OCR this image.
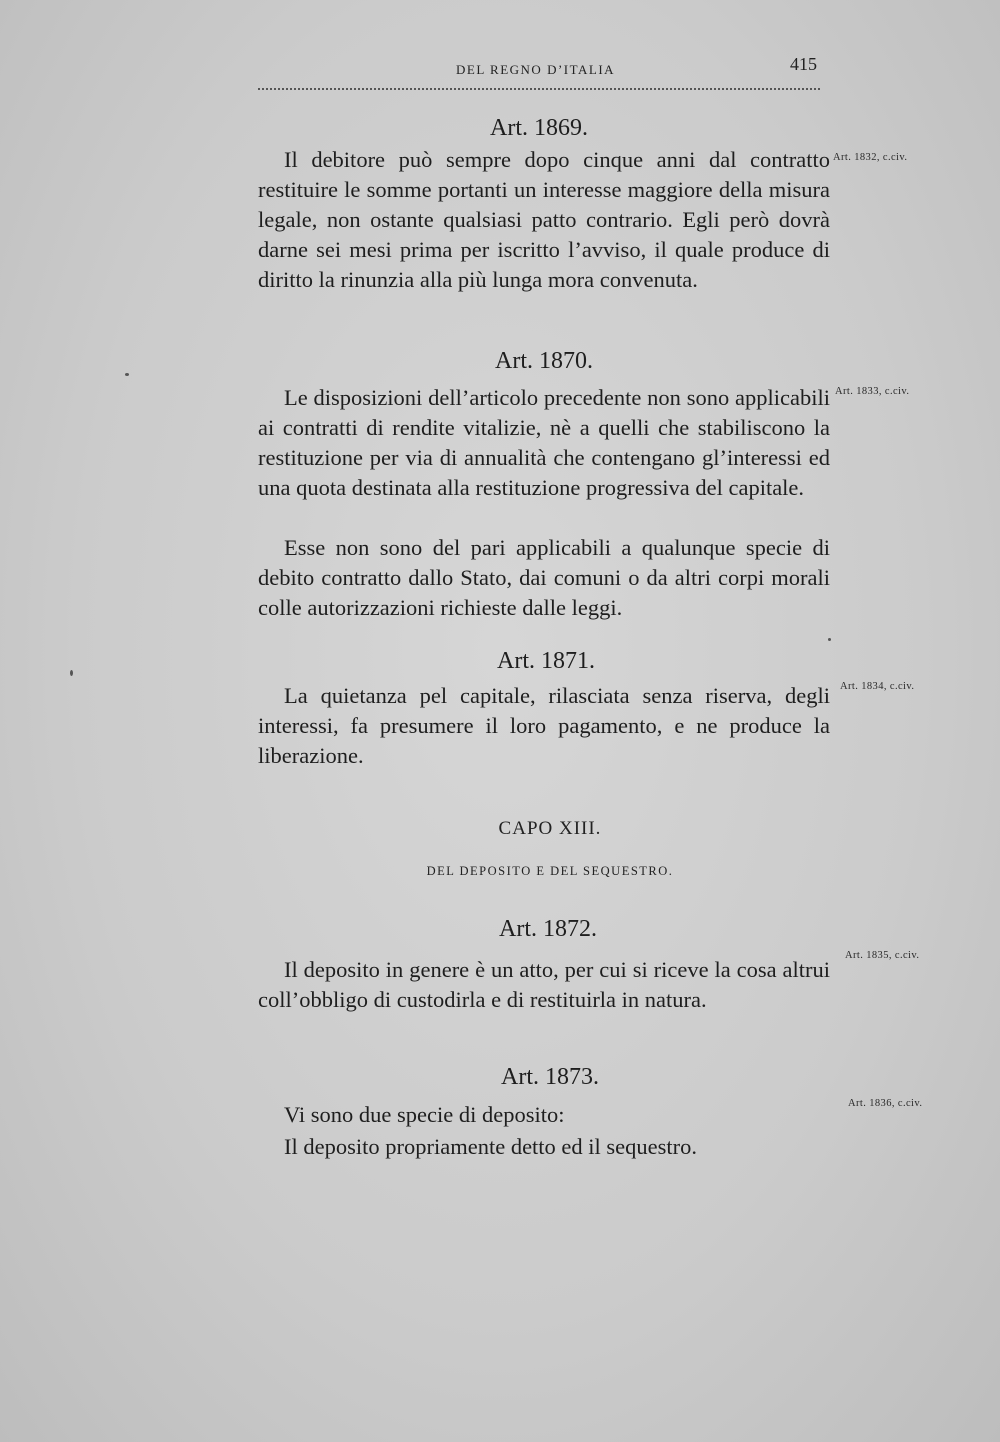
DEL REGNO D’ITALIA	415
Art. 1869.
Art. 1832, c.civ.
Il debitore può sempre dopo cinque anni dal contratto restituire le somme portanti un interesse maggiore della misura legale, non ostante qualsiasi patto contrario. Egli però dovrà darne sei mesi prima per iscritto l’avviso, il quale produce di diritto la rinunzia alla più lunga mora convenuta.
Art. 1870.
Art. 1833, c.civ.
Le disposizioni dell’articolo precedente non sono applicabili ai contratti di rendite vitalizie, nè a quelli che stabiliscono la restituzione per via di annualità che contengano gl’interessi ed una quota destinata alla restituzione progressiva del capitale.
Esse non sono del pari applicabili a qualunque specie di debito contratto dallo Stato, dai comuni o da altri corpi morali colle autorizzazioni richieste dalle leggi.
Art. 1871.
Art. 1834, c.civ.
La quietanza pel capitale, rilasciata senza riserva, degli interessi, fa presumere il loro pagamento, e ne produce la liberazione.
CAPO XIII.
DEL DEPOSITO E DEL SEQUESTRO.
Art. 1872.
Art. 1835, c.civ.
Il deposito in genere è un atto, per cui si riceve la cosa altrui coll’obbligo di custodirla e di restituirla in natura.
Art. 1873.
Art. 1836, c.civ.
Vi sono due specie di deposito:
Il deposito propriamente detto ed il sequestro.
